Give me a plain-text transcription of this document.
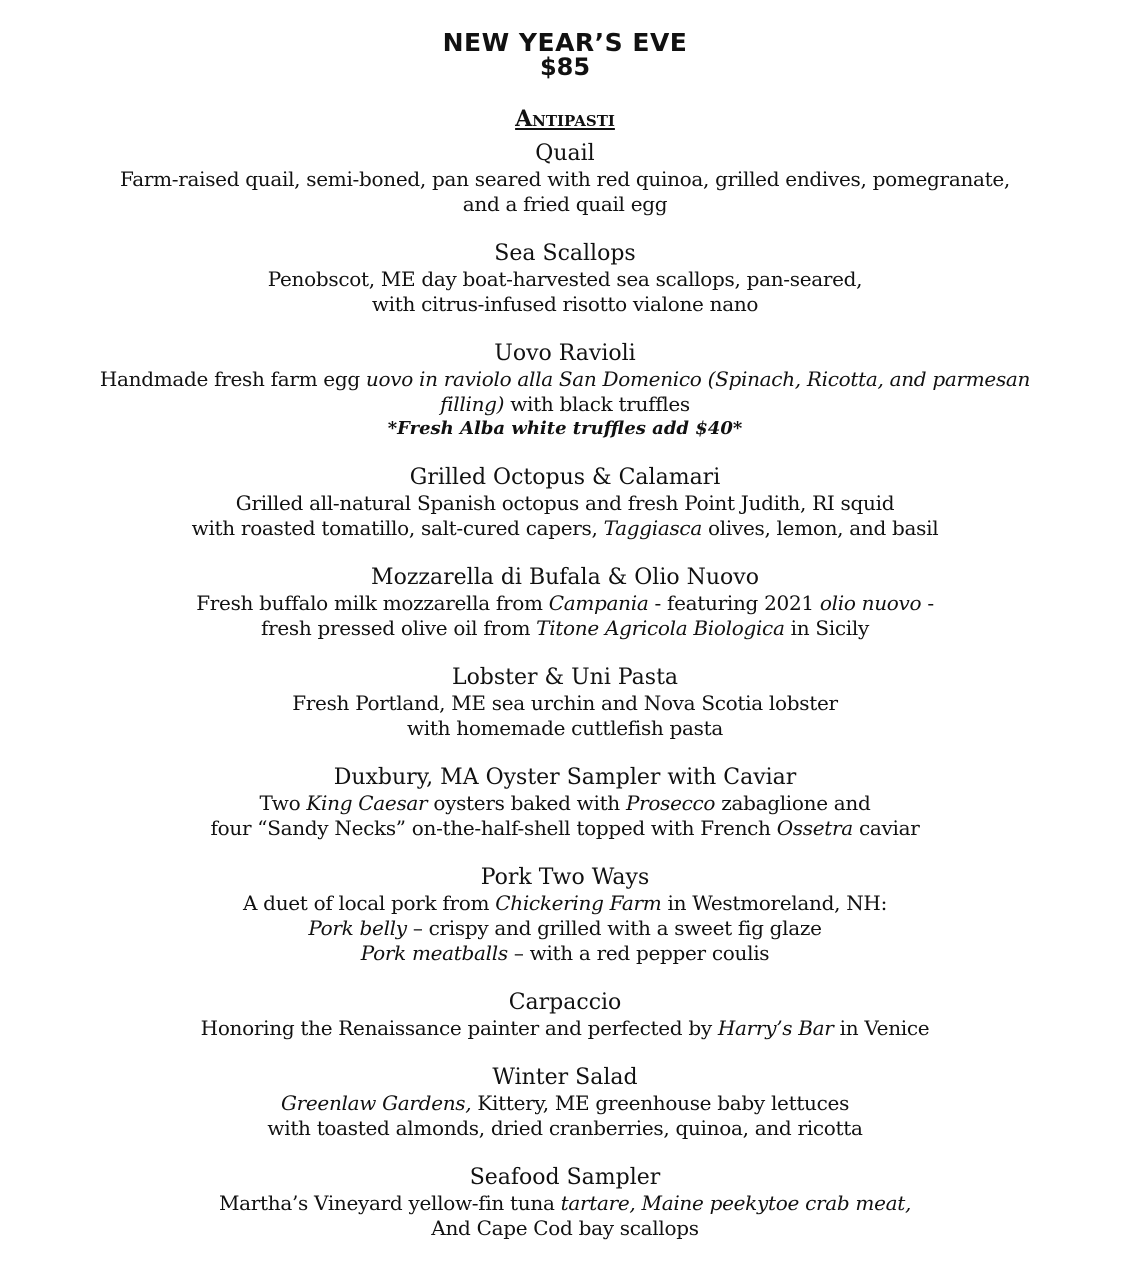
NEW YEAR’S EVE
$85
Antipasti
Quail
Farm-raised quail, semi-boned, pan seared with red quinoa, grilled endives, pomegranate,
and a fried quail egg
Sea Scallops
Penobscot, ME day boat-harvested sea scallops, pan-seared,
with citrus-infused risotto vialone nano
Uovo Ravioli
Handmade fresh farm egg uovo in raviolo alla San Domenico (Spinach, Ricotta, and parmesan
filling) with black truffles
*Fresh Alba white truffles add $40*
Grilled Octopus & Calamari
Grilled all-natural Spanish octopus and fresh Point Judith, RI squid
with roasted tomatillo, salt-cured capers, Taggiasca olives, lemon, and basil
Mozzarella di Bufala & Olio Nuovo
Fresh buffalo milk mozzarella from Campania - featuring 2021 olio nuovo -
fresh pressed olive oil from Titone Agricola Biologica in Sicily
Lobster & Uni Pasta
Fresh Portland, ME sea urchin and Nova Scotia lobster
with homemade cuttlefish pasta
Duxbury, MA Oyster Sampler with Caviar
Two King Caesar oysters baked with Prosecco zabaglione and
four “Sandy Necks” on-the-half-shell topped with French Ossetra caviar
Pork Two Ways
A duet of local pork from Chickering Farm in Westmoreland, NH:
Pork belly – crispy and grilled with a sweet fig glaze
Pork meatballs – with a red pepper coulis
Carpaccio
Honoring the Renaissance painter and perfected by Harry’s Bar in Venice
Winter Salad
Greenlaw Gardens, Kittery, ME greenhouse baby lettuces
with toasted almonds, dried cranberries, quinoa, and ricotta
Seafood Sampler
Martha’s Vineyard yellow-fin tuna tartare, Maine peekytoe crab meat,
And Cape Cod bay scallops
